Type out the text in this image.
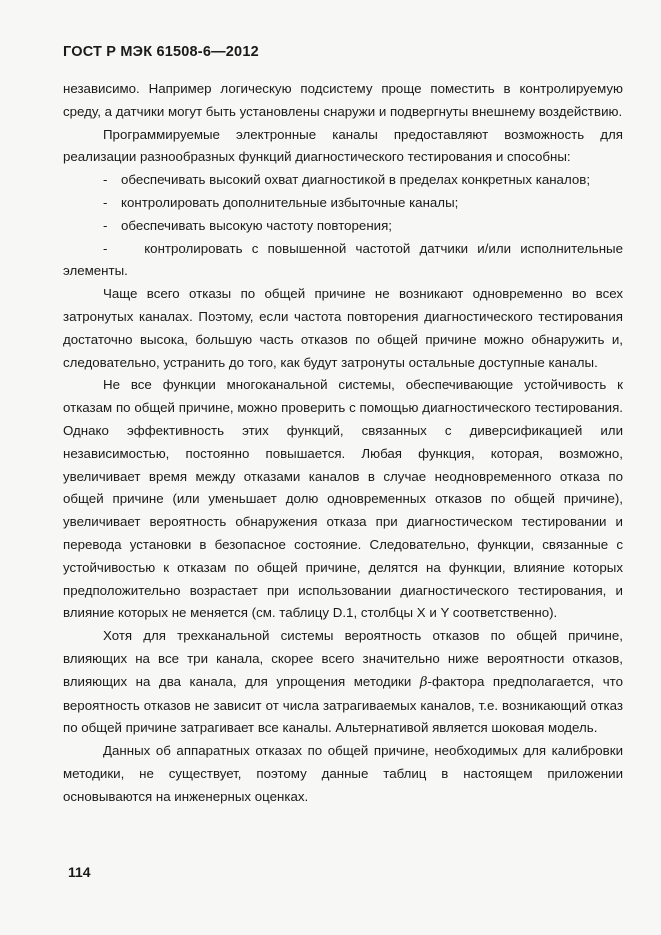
ГОСТ Р МЭК 61508-6—2012

независимо. Например логическую подсистему проще поместить в контролируемую среду, а датчики могут быть установлены снаружи и подвергнуты внешнему воздействию.

Программируемые электронные каналы предоставляют возможность для реализации разнообразных функций диагностического тестирования и способны:

-	обеспечивать высокий охват диагностикой в пределах конкретных каналов;
-	контролировать дополнительные избыточные каналы;
-	обеспечивать высокую частоту повторения;
-    контролировать с повышенной частотой датчики и/или исполнительные элементы.

Чаще всего отказы по общей причине не возникают одновременно во всех затронутых каналах. Поэтому, если частота повторения диагностического тестирования достаточно высока, большую часть отказов по общей причине можно обнаружить и, следовательно, устранить до того, как будут затронуты остальные доступные каналы.

Не все функции многоканальной системы, обеспечивающие устойчивость к отказам по общей причине, можно проверить с помощью диагностического тестирования. Однако эффективность этих функций, связанных с диверсификацией или независимостью, постоянно повышается. Любая функция, которая, возможно, увеличивает время между отказами каналов в случае неодновременного отказа по общей причине (или уменьшает долю одновременных отказов по общей причине), увеличивает вероятность обнаружения отказа при диагностическом тестировании и перевода установки в безопасное состояние. Следовательно, функции, связанные с устойчивостью к отказам по общей причине, делятся на функции, влияние которых предположительно возрастает при использовании диагностического тестирования, и влияние которых не меняется (см. таблицу D.1, столбцы X и Y соответственно).

Хотя для трехканальной системы вероятность отказов по общей причине, влияющих на все три канала, скорее всего значительно ниже вероятности отказов, влияющих на два канала, для упрощения методики β-фактора предполагается, что вероятность отказов не зависит от числа затрагиваемых каналов, т.е. возникающий отказ по общей причине затрагивает все каналы. Альтернативой является шоковая модель.

Данных об аппаратных отказах по общей причине, необходимых для калибровки методики, не существует, поэтому данные таблиц в настоящем приложении основываются на инженерных оценках.

114
